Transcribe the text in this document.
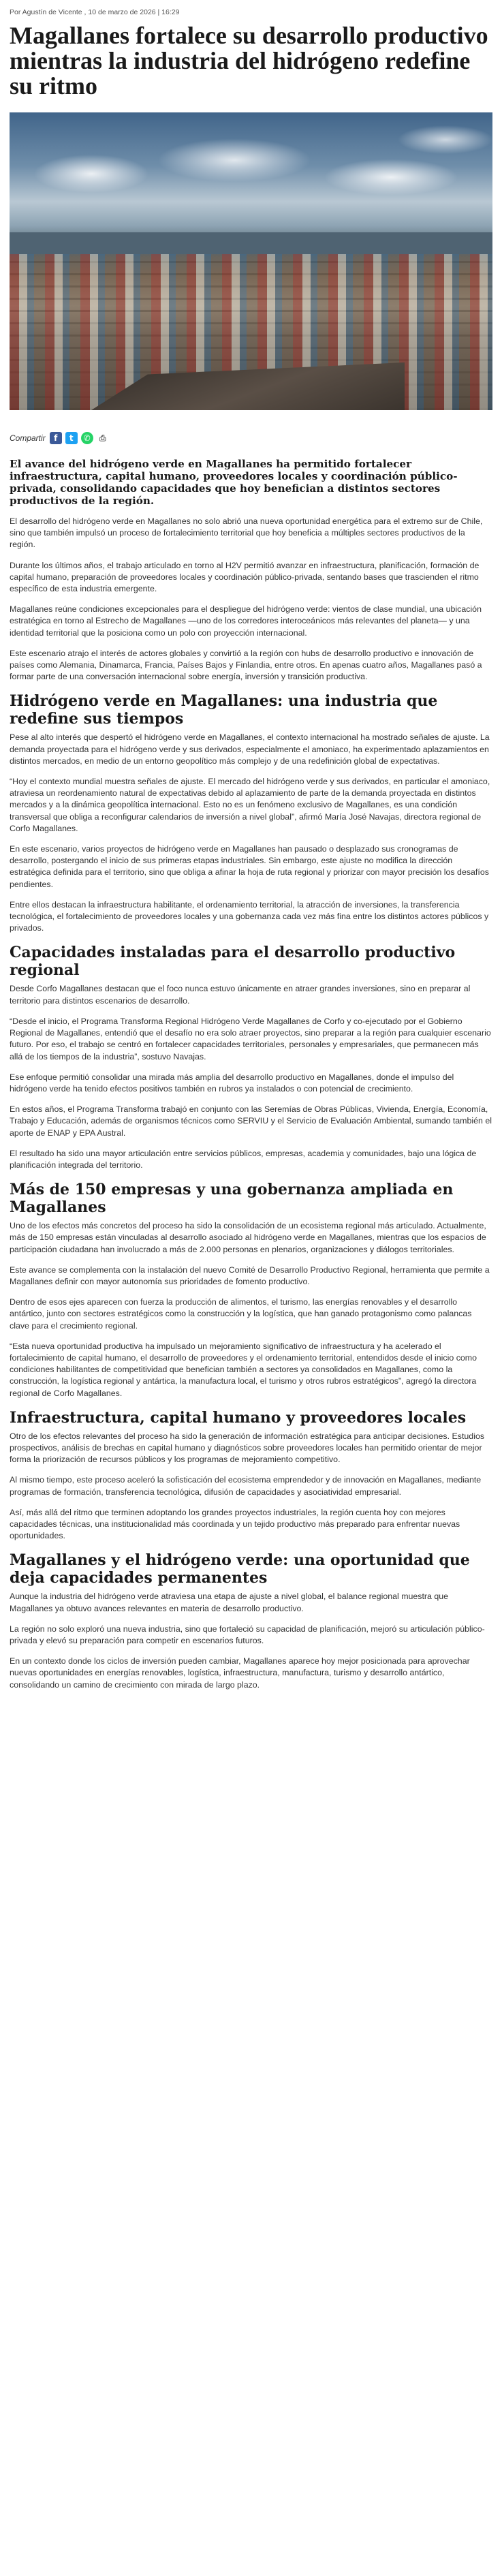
Por Agustín de Vicente , 10 de marzo de 2026 | 16:29
Magallanes fortalece su desarrollo productivo mientras la industria del hidrógeno redefine su ritmo
Compartir	f	t	✆	⎙

El avance del hidrógeno verde en Magallanes ha permitido fortalecer infraestructura, capital humano, proveedores locales y coordinación público-privada, consolidando capacidades que hoy benefician a distintos sectores productivos de la región.

El desarrollo del hidrógeno verde en Magallanes no solo abrió una nueva oportunidad energética para el extremo sur de Chile, sino que también impulsó un proceso de fortalecimiento territorial que hoy beneficia a múltiples sectores productivos de la región.

Durante los últimos años, el trabajo articulado en torno al H2V permitió avanzar en infraestructura, planificación, formación de capital humano, preparación de proveedores locales y coordinación público-privada, sentando bases que trascienden el ritmo específico de esta industria emergente.

Magallanes reúne condiciones excepcionales para el despliegue del hidrógeno verde: vientos de clase mundial, una ubicación estratégica en torno al Estrecho de Magallanes —uno de los corredores interoceánicos más relevantes del planeta— y una identidad territorial que la posiciona como un polo con proyección internacional.

Este escenario atrajo el interés de actores globales y convirtió a la región con hubs de desarrollo productivo e innovación de países como Alemania, Dinamarca, Francia, Países Bajos y Finlandia, entre otros. En apenas cuatro años, Magallanes pasó a formar parte de una conversación internacional sobre energía, inversión y transición productiva.

Hidrógeno verde en Magallanes: una industria que redefine sus tiempos

Pese al alto interés que despertó el hidrógeno verde en Magallanes, el contexto internacional ha mostrado señales de ajuste. La demanda proyectada para el hidrógeno verde y sus derivados, especialmente el amoniaco, ha experimentado aplazamientos en distintos mercados, en medio de un entorno geopolítico más complejo y de una redefinición global de expectativas.

“Hoy el contexto mundial muestra señales de ajuste. El mercado del hidrógeno verde y sus derivados, en particular el amoniaco, atraviesa un reordenamiento natural de expectativas debido al aplazamiento de parte de la demanda proyectada en distintos mercados y a la dinámica geopolítica internacional. Esto no es un fenómeno exclusivo de Magallanes, es una condición transversal que obliga a reconfigurar calendarios de inversión a nivel global”, afirmó María José Navajas, directora regional de Corfo Magallanes.

En este escenario, varios proyectos de hidrógeno verde en Magallanes han pausado o desplazado sus cronogramas de desarrollo, postergando el inicio de sus primeras etapas industriales. Sin embargo, este ajuste no modifica la dirección estratégica definida para el territorio, sino que obliga a afinar la hoja de ruta regional y priorizar con mayor precisión los desafíos pendientes.

Entre ellos destacan la infraestructura habilitante, el ordenamiento territorial, la atracción de inversiones, la transferencia tecnológica, el fortalecimiento de proveedores locales y una gobernanza cada vez más fina entre los distintos actores públicos y privados.

Capacidades instaladas para el desarrollo productivo regional

Desde Corfo Magallanes destacan que el foco nunca estuvo únicamente en atraer grandes inversiones, sino en preparar al territorio para distintos escenarios de desarrollo.

“Desde el inicio, el Programa Transforma Regional Hidrógeno Verde Magallanes de Corfo y co-ejecutado por el Gobierno Regional de Magallanes, entendió que el desafío no era solo atraer proyectos, sino preparar a la región para cualquier escenario futuro. Por eso, el trabajo se centró en fortalecer capacidades territoriales, personales y empresariales, que permanecen más allá de los tiempos de la industria”, sostuvo Navajas.

Ese enfoque permitió consolidar una mirada más amplia del desarrollo productivo en Magallanes, donde el impulso del hidrógeno verde ha tenido efectos positivos también en rubros ya instalados o con potencial de crecimiento.

En estos años, el Programa Transforma trabajó en conjunto con las Seremías de Obras Públicas, Vivienda, Energía, Economía, Trabajo y Educación, además de organismos técnicos como SERVIU y el Servicio de Evaluación Ambiental, sumando también el aporte de ENAP y EPA Austral.

El resultado ha sido una mayor articulación entre servicios públicos, empresas, academia y comunidades, bajo una lógica de planificación integrada del territorio.

Más de 150 empresas y una gobernanza ampliada en Magallanes

Uno de los efectos más concretos del proceso ha sido la consolidación de un ecosistema regional más articulado. Actualmente, más de 150 empresas están vinculadas al desarrollo asociado al hidrógeno verde en Magallanes, mientras que los espacios de participación ciudadana han involucrado a más de 2.000 personas en plenarios, organizaciones y diálogos territoriales.

Este avance se complementa con la instalación del nuevo Comité de Desarrollo Productivo Regional, herramienta que permite a Magallanes definir con mayor autonomía sus prioridades de fomento productivo.

Dentro de esos ejes aparecen con fuerza la producción de alimentos, el turismo, las energías renovables y el desarrollo antártico, junto con sectores estratégicos como la construcción y la logística, que han ganado protagonismo como palancas clave para el crecimiento regional.

“Esta nueva oportunidad productiva ha impulsado un mejoramiento significativo de infraestructura y ha acelerado el fortalecimiento de capital humano, el desarrollo de proveedores y el ordenamiento territorial, entendidos desde el inicio como condiciones habilitantes de competitividad que benefician también a sectores ya consolidados en Magallanes, como la construcción, la logística regional y antártica, la manufactura local, el turismo y otros rubros estratégicos”, agregó la directora regional de Corfo Magallanes.

Infraestructura, capital humano y proveedores locales

Otro de los efectos relevantes del proceso ha sido la generación de información estratégica para anticipar decisiones. Estudios prospectivos, análisis de brechas en capital humano y diagnósticos sobre proveedores locales han permitido orientar de mejor forma la priorización de recursos públicos y los programas de mejoramiento competitivo.

Al mismo tiempo, este proceso aceleró la sofisticación del ecosistema emprendedor y de innovación en Magallanes, mediante programas de formación, transferencia tecnológica, difusión de capacidades y asociatividad empresarial.

Así, más allá del ritmo que terminen adoptando los grandes proyectos industriales, la región cuenta hoy con mejores capacidades técnicas, una institucionalidad más coordinada y un tejido productivo más preparado para enfrentar nuevas oportunidades.

Magallanes y el hidrógeno verde: una oportunidad que deja capacidades permanentes

Aunque la industria del hidrógeno verde atraviesa una etapa de ajuste a nivel global, el balance regional muestra que Magallanes ya obtuvo avances relevantes en materia de desarrollo productivo.

La región no solo exploró una nueva industria, sino que fortaleció su capacidad de planificación, mejoró su articulación público-privada y elevó su preparación para competir en escenarios futuros.

En un contexto donde los ciclos de inversión pueden cambiar, Magallanes aparece hoy mejor posicionada para aprovechar nuevas oportunidades en energías renovables, logística, infraestructura, manufactura, turismo y desarrollo antártico, consolidando un camino de crecimiento con mirada de largo plazo.
